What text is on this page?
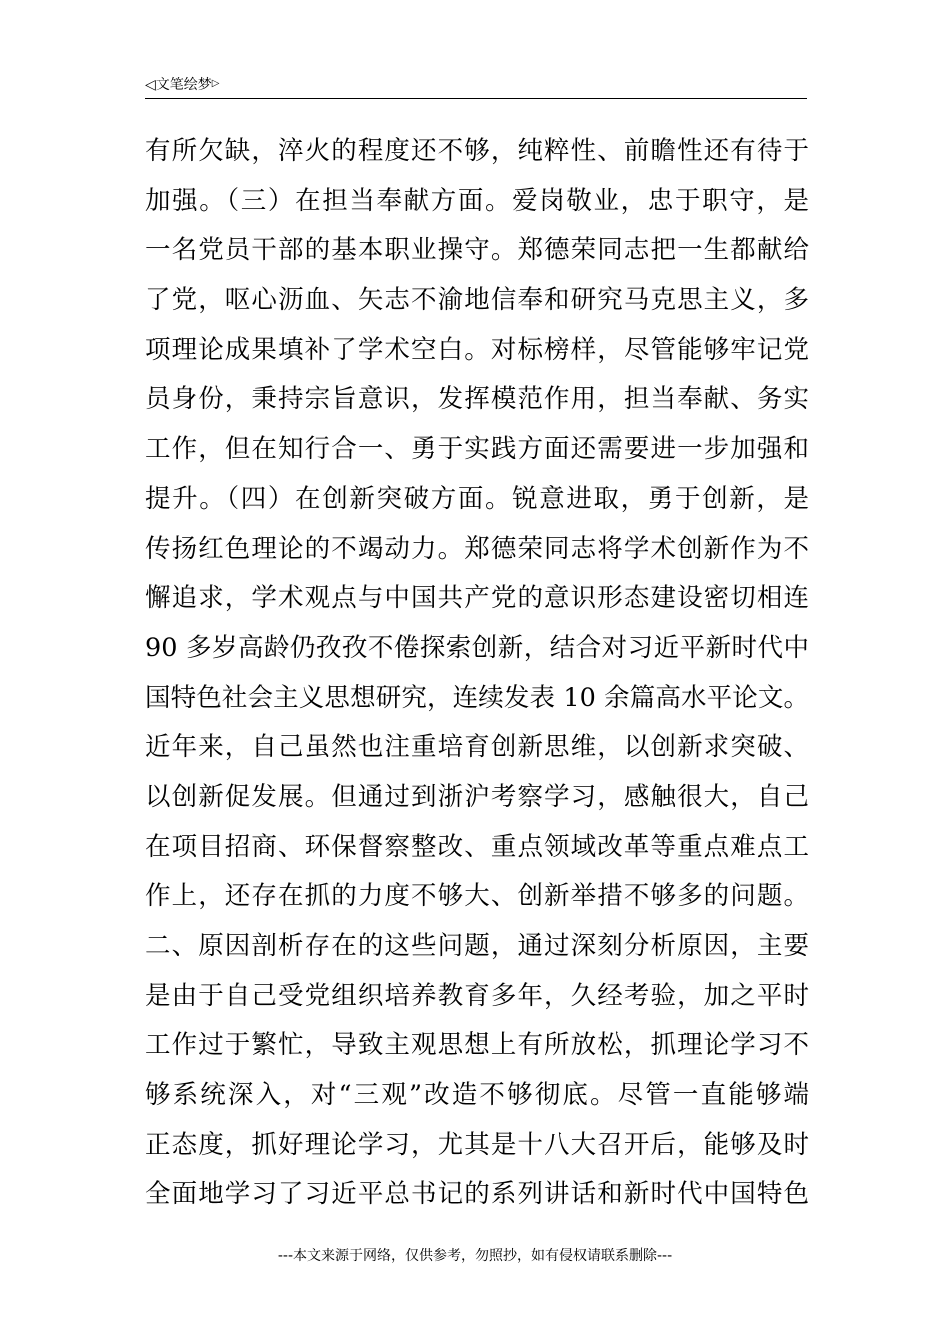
◁文笔绘梦▷
有所欠缺，淬火的程度还不够，纯粹性、前瞻性还有待于
加强。（三）在担当奉献方面。爱岗敬业，忠于职守，是
一名党员干部的基本职业操守。郑德荣同志把一生都献给
了党，呕心沥血、矢志不渝地信奉和研究马克思主义，多
项理论成果填补了学术空白。对标榜样，尽管能够牢记党
员身份，秉持宗旨意识，发挥模范作用，担当奉献、务实
工作，但在知行合一、勇于实践方面还需要进一步加强和
提升。（四）在创新突破方面。锐意进取，勇于创新，是
传扬红色理论的不竭动力。郑德荣同志将学术创新作为不
懈追求，学术观点与中国共产党的意识形态建设密切相连
90 多岁高龄仍孜孜不倦探索创新，结合对习近平新时代中
国特色社会主义思想研究，连续发表 10 余篇高水平论文。
近年来，自己虽然也注重培育创新思维，以创新求突破、
以创新促发展。但通过到浙沪考察学习，感触很大，自己
在项目招商、环保督察整改、重点领域改革等重点难点工
作上，还存在抓的力度不够大、创新举措不够多的问题。
二、原因剖析存在的这些问题，通过深刻分析原因，主要
是由于自己受党组织培养教育多年，久经考验，加之平时
工作过于繁忙，导致主观思想上有所放松，抓理论学习不
够系统深入，对“三观”改造不够彻底。尽管一直能够端
正态度，抓好理论学习，尤其是十八大召开后，能够及时
全面地学习了习近平总书记的系列讲话和新时代中国特色
---本文来源于网络，仅供参考，勿照抄，如有侵权请联系删除---
